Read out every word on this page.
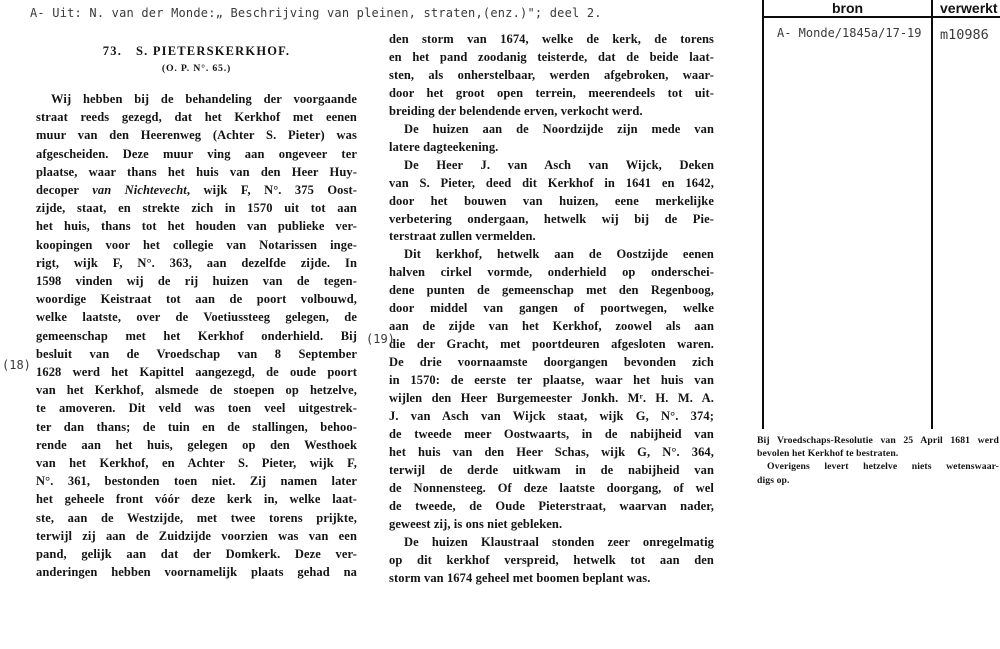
A- Uit: N. van der Monde:„ Beschrijving van pleinen, straten,(enz.)"; deel 2.	bron	verwerkt
A- Monde/1845a/17-19 m10986
73. S. PIETERSKERKHOF.
(O. P. N°. 65.)
Wij hebben bij de behandeling der voorgaande
straat reeds gezegd, dat het Kerkhof met eenen
muur van den Heerenweg (Achter S. Pieter) was
afgescheiden. Deze muur ving aan ongeveer ter
plaatse, waar thans het huis van den Heer Huy-
decoper van Nichtevecht, wijk F, N°. 375 Oost-
zijde, staat, en strekte zich in 1570 uit tot aan
het huis, thans tot het houden van publieke ver-
koopingen voor het collegie van Notarissen inge-
rigt, wijk F, N°. 363, aan dezelfde zijde. In
1598 vinden wij de rij huizen van de tegen-
woordige Keistraat tot aan de poort volbouwd,
welke laatste, over de Voetiussteeg gelegen, de
gemeenschap met het Kerkhof onderhield. Bij
besluit van de Vroedschap van 8 September
1628 werd het Kapittel aangezegd, de oude poort
van het Kerkhof, alsmede de stoepen op hetzelve,
te amoveren. Dit veld was toen veel uitgestrek-
ter dan thans; de tuin en de stallingen, behoo-
rende aan het huis, gelegen op den Westhoek
van het Kerkhof, en Achter S. Pieter, wijk F,
N°. 361, bestonden toen niet. Zij namen later
het geheele front vóór deze kerk in, welke laat-
ste, aan de Westzijde, met twee torens prijkte,
terwijl zij aan de Zuidzijde voorzien was van een
pand, gelijk aan dat der Domkerk. Deze ver-
anderingen hebben voornamelijk plaats gehad na
den storm van 1674, welke de kerk, de torens
en het pand zoodanig teisterde, dat de beide laat-
sten, als onherstelbaar, werden afgebroken, waar-
door het groot open terrein, meerendeels tot uit-
breiding der belendende erven, verkocht werd.
De huizen aan de Noordzijde zijn mede van
latere dagteekening.
De Heer J. van Asch van Wijck, Deken
van S. Pieter, deed dit Kerkhof in 1641 en 1642,
door het bouwen van huizen, eene merkelijke
verbetering ondergaan, hetwelk wij bij de Pie-
terstraat zullen vermelden.
Dit kerkhof, hetwelk aan de Oostzijde eenen
halven cirkel vormde, onderhield op onderschei-
dene punten de gemeenschap met den Regenboog,
door middel van gangen of poortwegen, welke
aan de zijde van het Kerkhof, zoowel als aan
die der Gracht, met poortdeuren afgesloten waren.
De drie voornaamste doorgangen bevonden zich
in 1570: de eerste ter plaatse, waar het huis van
wijlen den Heer Burgemeester Jonkh. Mʳ. H. M. A.
J. van Asch van Wijck staat, wijk G, N°. 374;
de tweede meer Oostwaarts, in de nabijheid van
het huis van den Heer Schas, wijk G, N°. 364,
terwijl de derde uitkwam in de nabijheid van
de Nonnensteeg. Of deze laatste doorgang, of wel
de tweede, de Oude Pieterstraat, waarvan nader,
geweest zij, is ons niet gebleken.
De huizen Klaustraal stonden zeer onregelmatig
op dit kerkhof verspreid, hetwelk tot aan den
storm van 1674 geheel met boomen beplant was.
(18)
(19)
Bij Vroedschaps-Resolutie van 25 April 1681 werd
bevolen het Kerkhof te bestraten.
Overigens levert hetzelve niets wetenswaar-
digs op.
